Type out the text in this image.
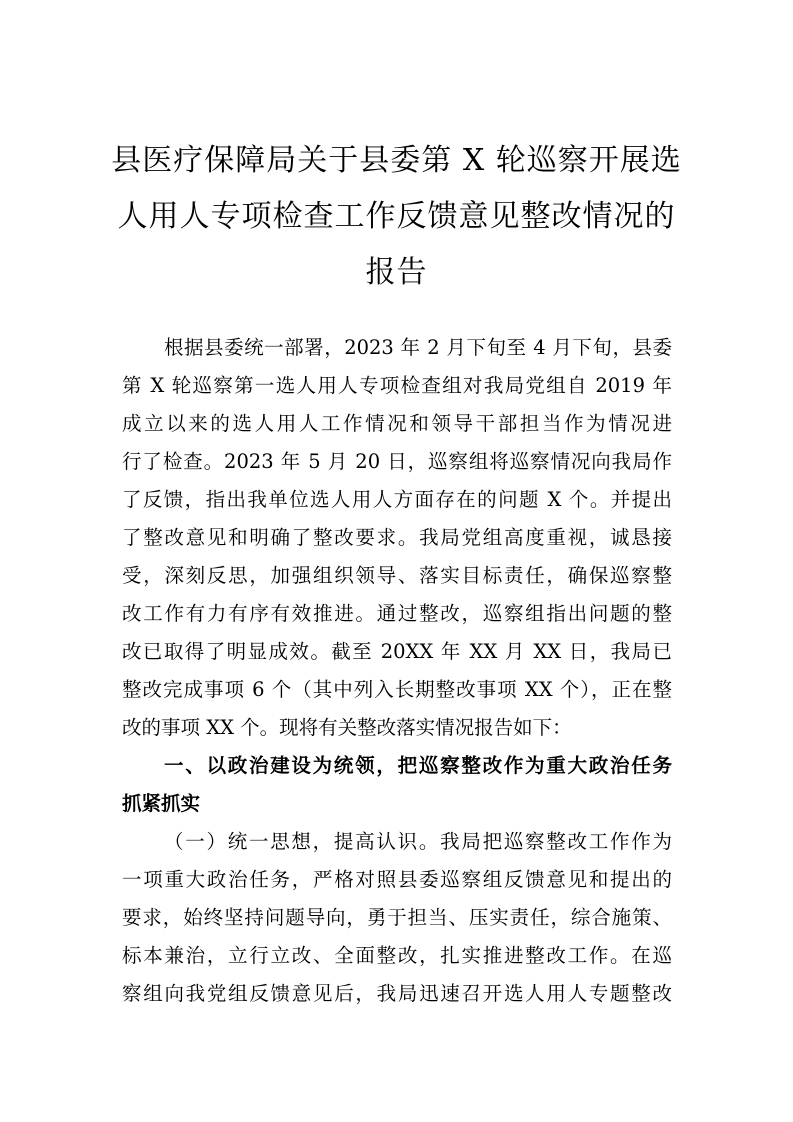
县医疗保障局关于县委第 X 轮巡察开展选
人用人专项检查工作反馈意见整改情况的
报告
根据县委统一部署，2023 年 2 月下旬至 4 月下旬，县委
第 X 轮巡察第一选人用人专项检查组对我局党组自 2019 年
成立以来的选人用人工作情况和领导干部担当作为情况进
行了检查。2023 年 5 月 20 日，巡察组将巡察情况向我局作
了反馈，指出我单位选人用人方面存在的问题 X 个。并提出
了整改意见和明确了整改要求。我局党组高度重视，诚恳接
受，深刻反思，加强组织领导、落实目标责任，确保巡察整
改工作有力有序有效推进。通过整改，巡察组指出问题的整
改已取得了明显成效。截至 20XX 年 XX 月 XX 日，我局已
整改完成事项 6 个（其中列入长期整改事项 XX 个），正在整
改的事项 XX 个。现将有关整改落实情况报告如下：
一、以政治建设为统领，把巡察整改作为重大政治任务
抓紧抓实
（一）统一思想，提高认识。我局把巡察整改工作作为
一项重大政治任务，严格对照县委巡察组反馈意见和提出的
要求，始终坚持问题导向，勇于担当、压实责任，综合施策、
标本兼治，立行立改、全面整改，扎实推进整改工作。在巡
察组向我党组反馈意见后，我局迅速召开选人用人专题整改
